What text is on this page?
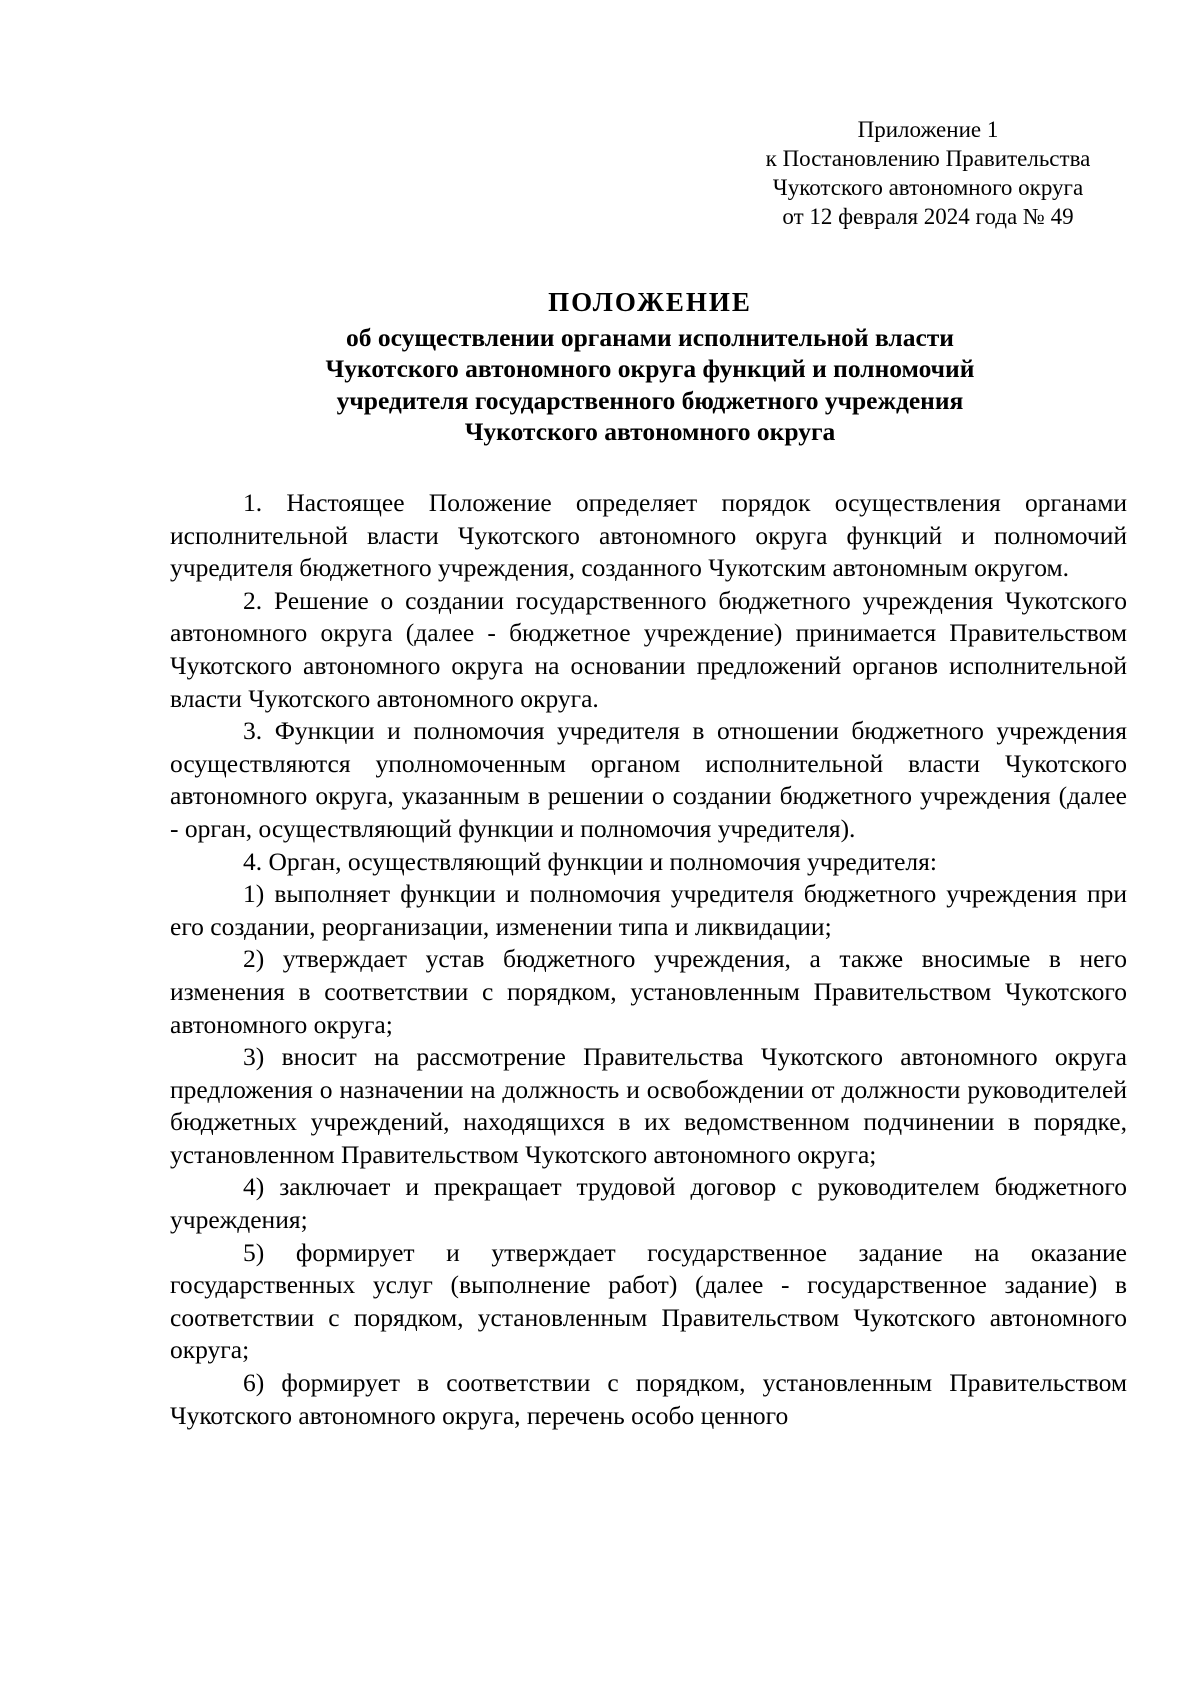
Приложение 1
к Постановлению Правительства
Чукотского автономного округа
от 12 февраля 2024 года № 49
ПОЛОЖЕНИЕ
об осуществлении органами исполнительной власти
Чукотского автономного округа функций и полномочий
учредителя государственного бюджетного учреждения
Чукотского автономного округа

1. Настоящее Положение определяет порядок осуществления органами исполнительной власти Чукотского автономного округа функций и полномочий учредителя бюджетного учреждения, созданного Чукотским автономным округом.

2. Решение о создании государственного бюджетного учреждения Чукотского автономного округа (далее - бюджетное учреждение) принимается Правительством Чукотского автономного округа на основании предложений органов исполнительной власти Чукотского автономного округа.

3. Функции и полномочия учредителя в отношении бюджетного учреждения осуществляются уполномоченным органом исполнительной власти Чукотского автономного округа, указанным в решении о создании бюджетного учреждения (далее - орган, осуществляющий функции и полномочия учредителя).

4. Орган, осуществляющий функции и полномочия учредителя:

1) выполняет функции и полномочия учредителя бюджетного учреждения при его создании, реорганизации, изменении типа и ликвидации;

2) утверждает устав бюджетного учреждения, а также вносимые в него изменения в соответствии с порядком, установленным Правительством Чукотского автономного округа;

3) вносит на рассмотрение Правительства Чукотского автономного округа предложения о назначении на должность и освобождении от должности руководителей бюджетных учреждений, находящихся в их ведомственном подчинении в порядке, установленном Правительством Чукотского автономного округа;

4) заключает и прекращает трудовой договор с руководителем бюджетного учреждения;

5) формирует и утверждает государственное задание на оказание государственных услуг (выполнение работ) (далее - государственное задание) в соответствии с порядком, установленным Правительством Чукотского автономного округа;

6) формирует в соответствии с порядком, установленным Правительством Чукотского автономного округа, перечень особо ценного
